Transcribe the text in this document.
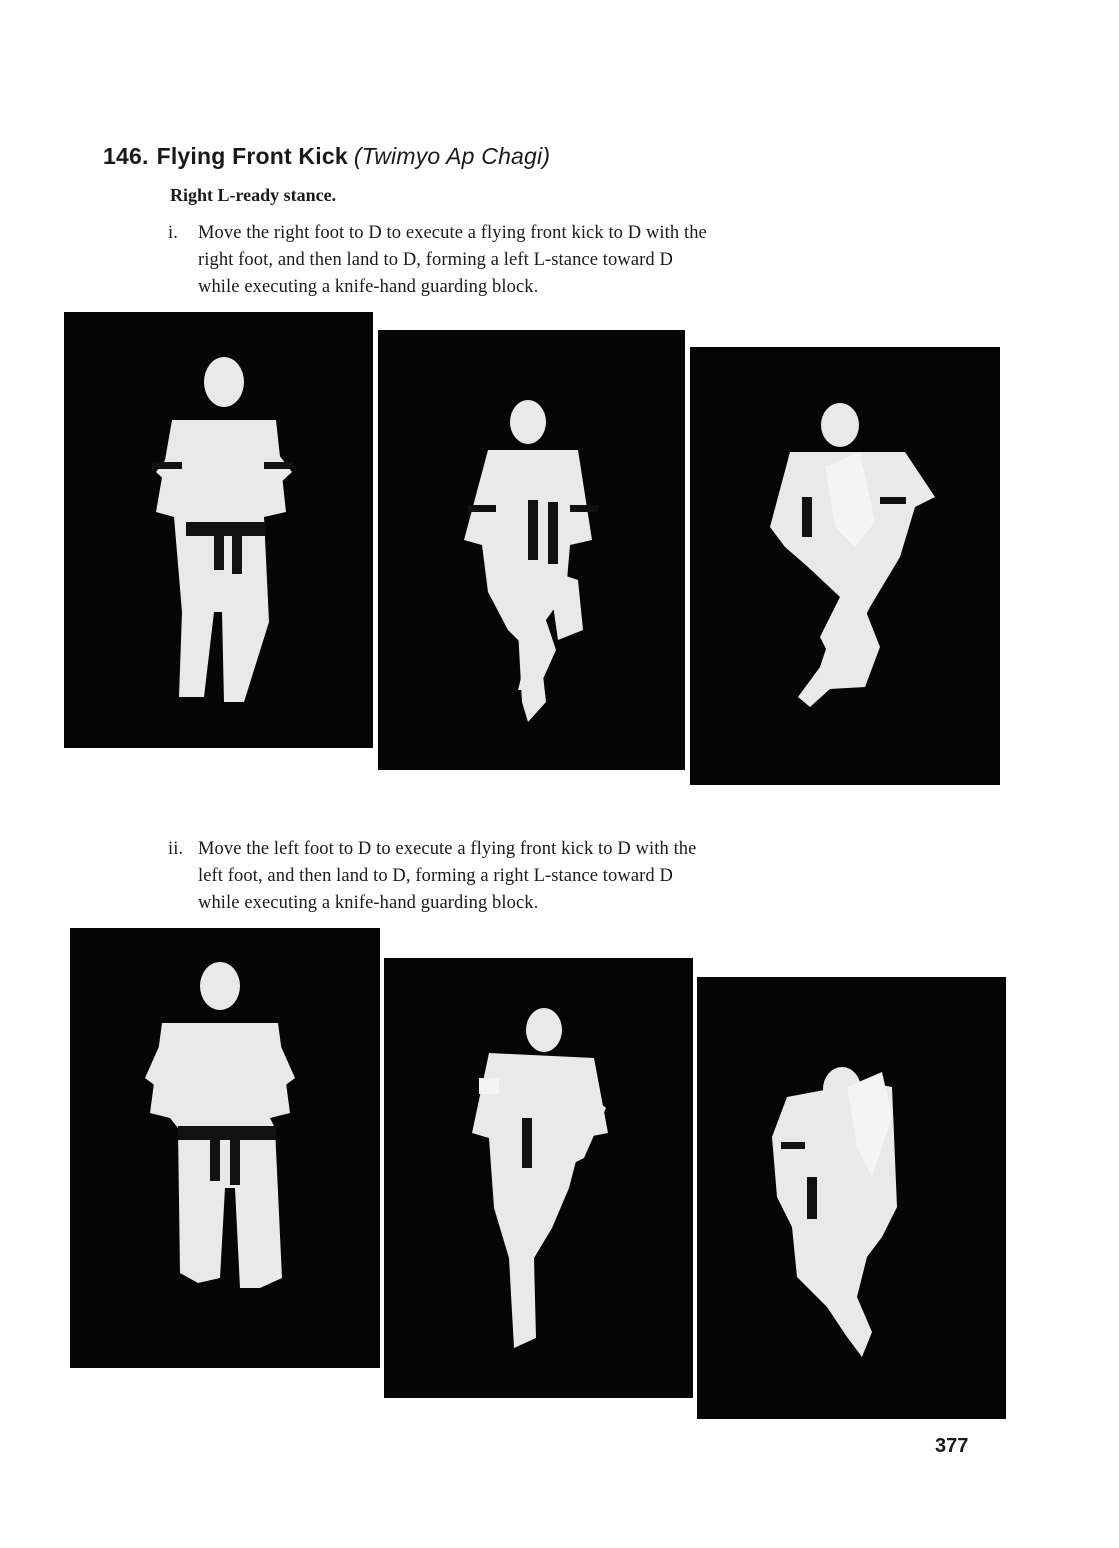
146. Flying Front Kick (Twimyo Ap Chagi)
Right L-ready stance.
i. Move the right foot to D to execute a flying front kick to D with the
right foot, and then land to D, forming a left L-stance toward D
while executing a knife-hand guarding block.
ii. Move the left foot to D to execute a flying front kick to D with the
left foot, and then land to D, forming a right L-stance toward D
while executing a knife-hand guarding block.
377
